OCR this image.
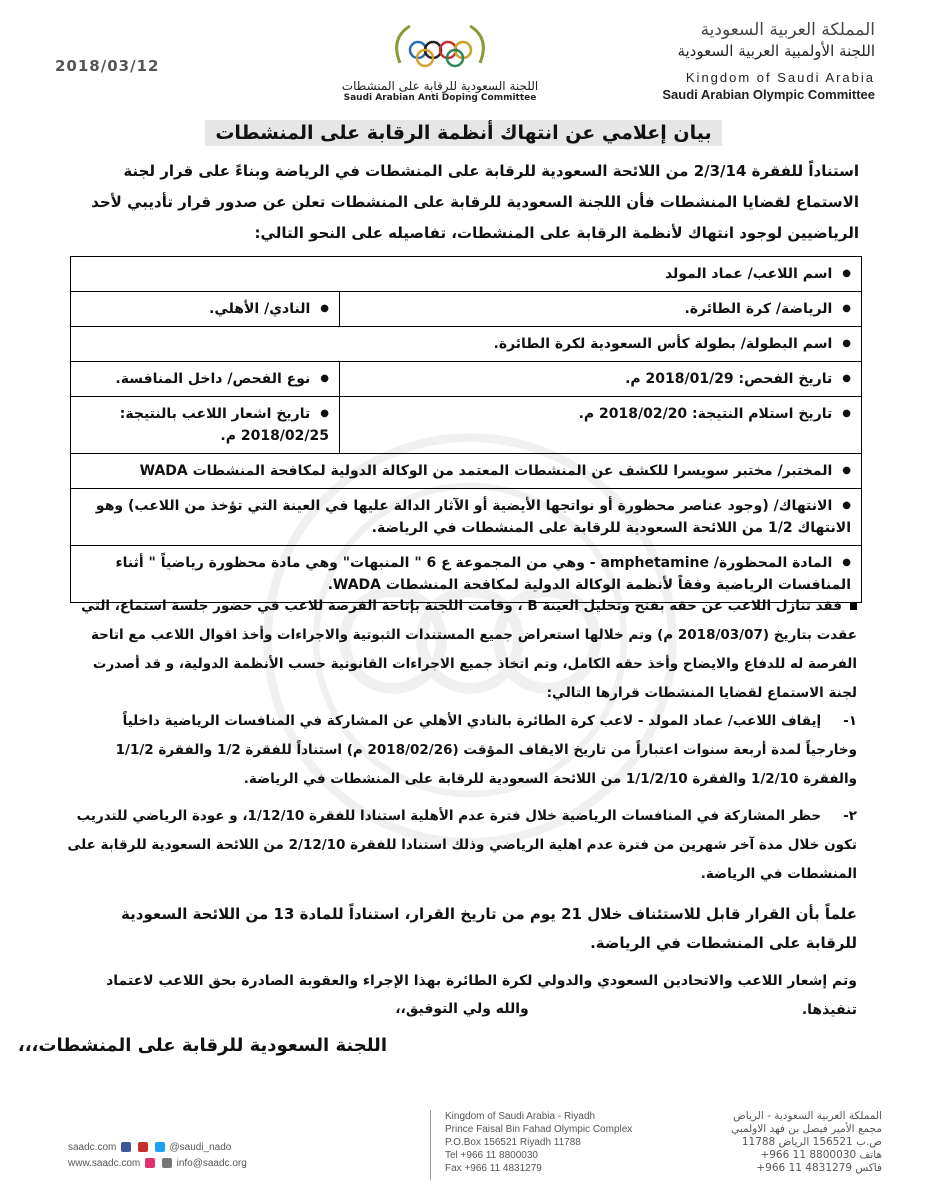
2018/03/12
اللجنة السعودية للرقابة على المنشطات
Saudi Arabian Anti Doping Committee
المملكة العربية السعودية
اللجنة الأولمبية العربية السعودية
Kingdom of Saudi Arabia
Saudi Arabian Olympic Committee
بيان إعلامي عن انتهاك أنظمة الرقابة على المنشطات
استناداً للفقرة 2/3/14 من اللائحة السعودية للرقابة على المنشطات في الرياضة وبناءً على قرار لجنة الاستماع لقضايا المنشطات فأن اللجنة السعودية للرقابة على المنشطات تعلن عن صدور قرار تأديبي لأحد الرياضيين لوجود انتهاك لأنظمة الرقابة على المنشطات، تفاصيله على النحو التالي:
● اسم اللاعب/ عماد المولد
● الرياضة/ كرة الطائرة.	● النادي/ الأهلي.
● اسم البطولة/ بطولة كأس السعودية لكرة الطائرة.
● تاريخ الفحص: 2018/01/29 م.	● نوع الفحص/ داخل المنافسة.
● تاريخ استلام النتيجة: 2018/02/20 م.	● تاريخ اشعار اللاعب بالنتيجة: 2018/02/25 م.
● المختبر/ مختبر سويسرا للكشف عن المنشطات المعتمد من الوكالة الدولية لمكافحة المنشطات WADA
● الانتهاك/ (وجود عناصر محظورة أو نواتجها الأيضية أو الآثار الدالة عليها في العينة التي تؤخذ من اللاعب) وهو الانتهاك 1/2 من اللائحة السعودية للرقابة على المنشطات في الرياضة.
● المادة المحظورة/ amphetamine - وهي من المجموعة ع 6 " المنبهات" وهي مادة محظورة رياضياً " أثناء المنافسات الرياضية وفقاً لأنظمة الوكالة الدولية لمكافحة المنشطات WADA.
فقد تنازل اللاعب عن حقه بفتح وتحليل العينة B ، وقامت اللجنة بإتاحة الفرصة للاعب في حضور جلسة استماع، التي عقدت بتاريخ (2018/03/07 م) وتم خلالها استعراض جميع المستندات الثبوتية والاجراءات وأخذ اقوال اللاعب مع اتاحة الفرصة له للدفاع والايضاح وأخذ حقه الكامل، وتم اتخاذ جميع الاجراءات القانونية حسب الأنظمة الدولية، و قد أصدرت لجنة الاستماع لقضايا المنشطات قرارها التالي:
١-إيقاف اللاعب/ عماد المولد - لاعب كرة الطائرة بالنادي الأهلي عن المشاركة في المنافسات الرياضية داخلياً وخارجياً لمدة أربعة سنوات اعتباراً من تاريخ الايقاف المؤقت (2018/02/26 م) استناداً للفقرة 1/2 والفقرة 1/1/2 والفقرة 1/2/10 والفقرة 1/1/2/10 من اللائحة السعودية للرقابة على المنشطات في الرياضة.
٢-حظر المشاركة في المنافسات الرياضية خلال فترة عدم الأهلية استنادا للفقرة 1/12/10، و عودة الرياضي للتدريب تكون خلال مدة آخر شهرين من فترة عدم اهلية الرياضي وذلك استنادا للفقرة 2/12/10 من اللائحة السعودية للرقابة على المنشطات في الرياضة.
علماً بأن القرار قابل للاستئناف خلال 21 يوم من تاريخ القرار، استناداً للمادة 13 من اللائحة السعودية للرقابة على المنشطات في الرياضة.
وتم إشعار اللاعب والاتحادين السعودي والدولي لكرة الطائرة بهذا الإجراء والعقوبة الصادرة بحق اللاعب لاعتماد تنفيذها.
والله ولي التوفيق،،
اللجنة السعودية للرقابة على المنشطات،،،
المملكة العربية السعودية - الرياض
مجمع الأمير فيصل بن فهد الاولمبي
ص.ب 156521 الرياض 11788
هاتف 8800030 11 966+
فاكس 4831279 11 966+
Kingdom of Saudi Arabia - Riyadh
Prince Faisal Bin Fahad Olympic Complex
P.O.Box 156521 Riyadh 11788
Tel +966 11 8800030
Fax +966 11 4831279
saadc.com	@saudi_nado
www.saadc.com	info@saadc.org
